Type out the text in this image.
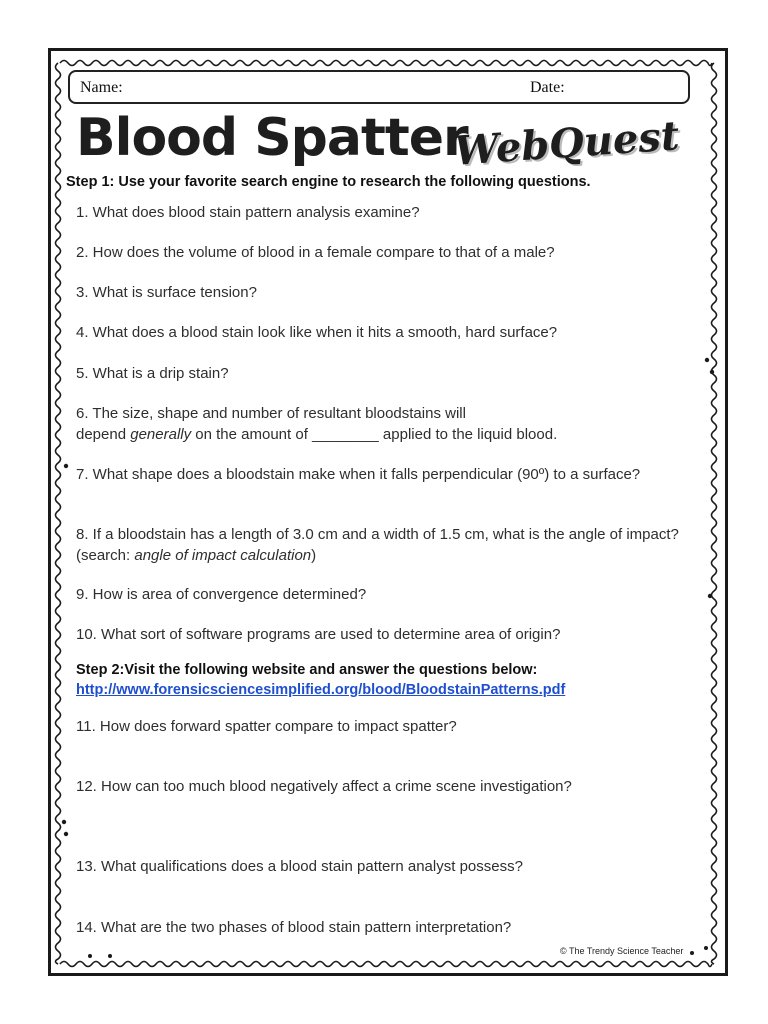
Name:	Date:
Blood Spatter
WebQuest
Step 1: Use your favorite search engine to research the following questions.
1. What does blood stain pattern analysis examine?
2. How does the volume of blood in a female compare to that of a male?
3. What is surface tension?
4. What does a blood stain look like when it hits a smooth, hard surface?
5. What is a drip stain?
6. The size, shape and number of resultant bloodstains will
depend generally on the amount of ________ applied to the liquid blood.
7. What shape does a bloodstain make when it falls perpendicular (90º) to a surface?
8. If a bloodstain has a length of 3.0 cm and a width of 1.5 cm, what is the angle of impact? (search: angle of impact calculation)
9. How is area of convergence determined?
10. What sort of software programs are used to determine area of origin?
Step 2:Visit the following website and answer the questions below:
http://www.forensicsciencesimplified.org/blood/BloodstainPatterns.pdf
11. How does forward spatter compare to impact spatter?
12. How can too much blood negatively affect a crime scene investigation?
13. What qualifications does a blood stain pattern analyst possess?
14. What are the two phases of blood stain pattern interpretation?
© The Trendy Science Teacher
